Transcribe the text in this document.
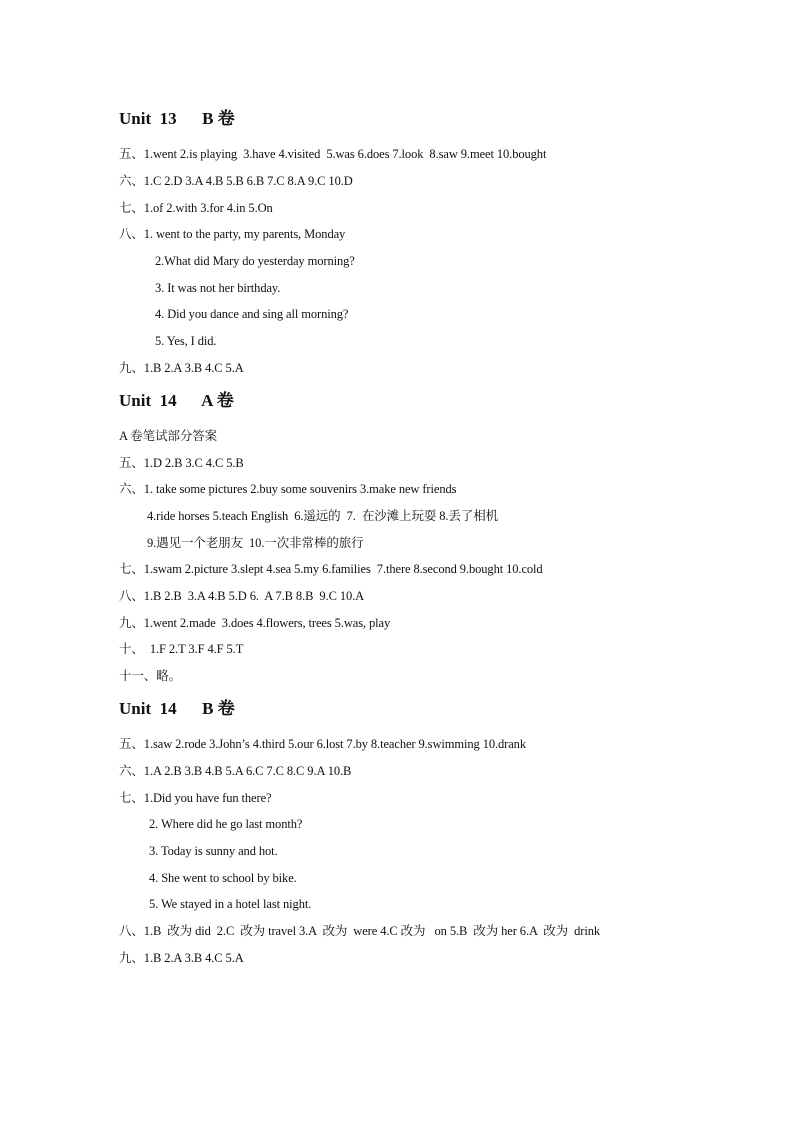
Unit  13      B 卷
五、1.went 2.is playing  3.have 4.visited  5.was 6.does 7.look  8.saw 9.meet 10.bought
六、1.C 2.D 3.A 4.B 5.B 6.B 7.C 8.A 9.C 10.D
七、1.of 2.with 3.for 4.in 5.On
八、1. went to the party, my parents, Monday
2.What did Mary do yesterday morning?
3. It was not her birthday.
4. Did you dance and sing all morning?
5. Yes, I did.
九、1.B 2.A 3.B 4.C 5.A
Unit  14      A 卷
A 卷笔试部分答案
五、1.D 2.B 3.C 4.C 5.B
六、1. take some pictures 2.buy some souvenirs 3.make new friends
4.ride horses 5.teach English  6.遥远的  7.  在沙滩上玩耍 8.丢了相机
9.遇见一个老朋友  10.一次非常棒的旅行
七、1.swam 2.picture 3.slept 4.sea 5.my 6.families  7.there 8.second 9.bought 10.cold
八、1.B 2.B  3.A 4.B 5.D 6.  A 7.B 8.B  9.C 10.A
九、1.went 2.made  3.does 4.flowers, trees 5.was, play
十、  1.F 2.T 3.F 4.F 5.T
十一、略。
Unit  14      B 卷
五、1.saw 2.rode 3.John’s 4.third 5.our 6.lost 7.by 8.teacher 9.swimming 10.drank
六、1.A 2.B 3.B 4.B 5.A 6.C 7.C 8.C 9.A 10.B
七、1.Did you have fun there?
2. Where did he go last month?
3. Today is sunny and hot.
4. She went to school by bike.
5. We stayed in a hotel last night.
八、1.B  改为 did  2.C  改为 travel 3.A  改为  were 4.C 改为   on 5.B  改为 her 6.A  改为  drink
九、1.B 2.A 3.B 4.C 5.A
